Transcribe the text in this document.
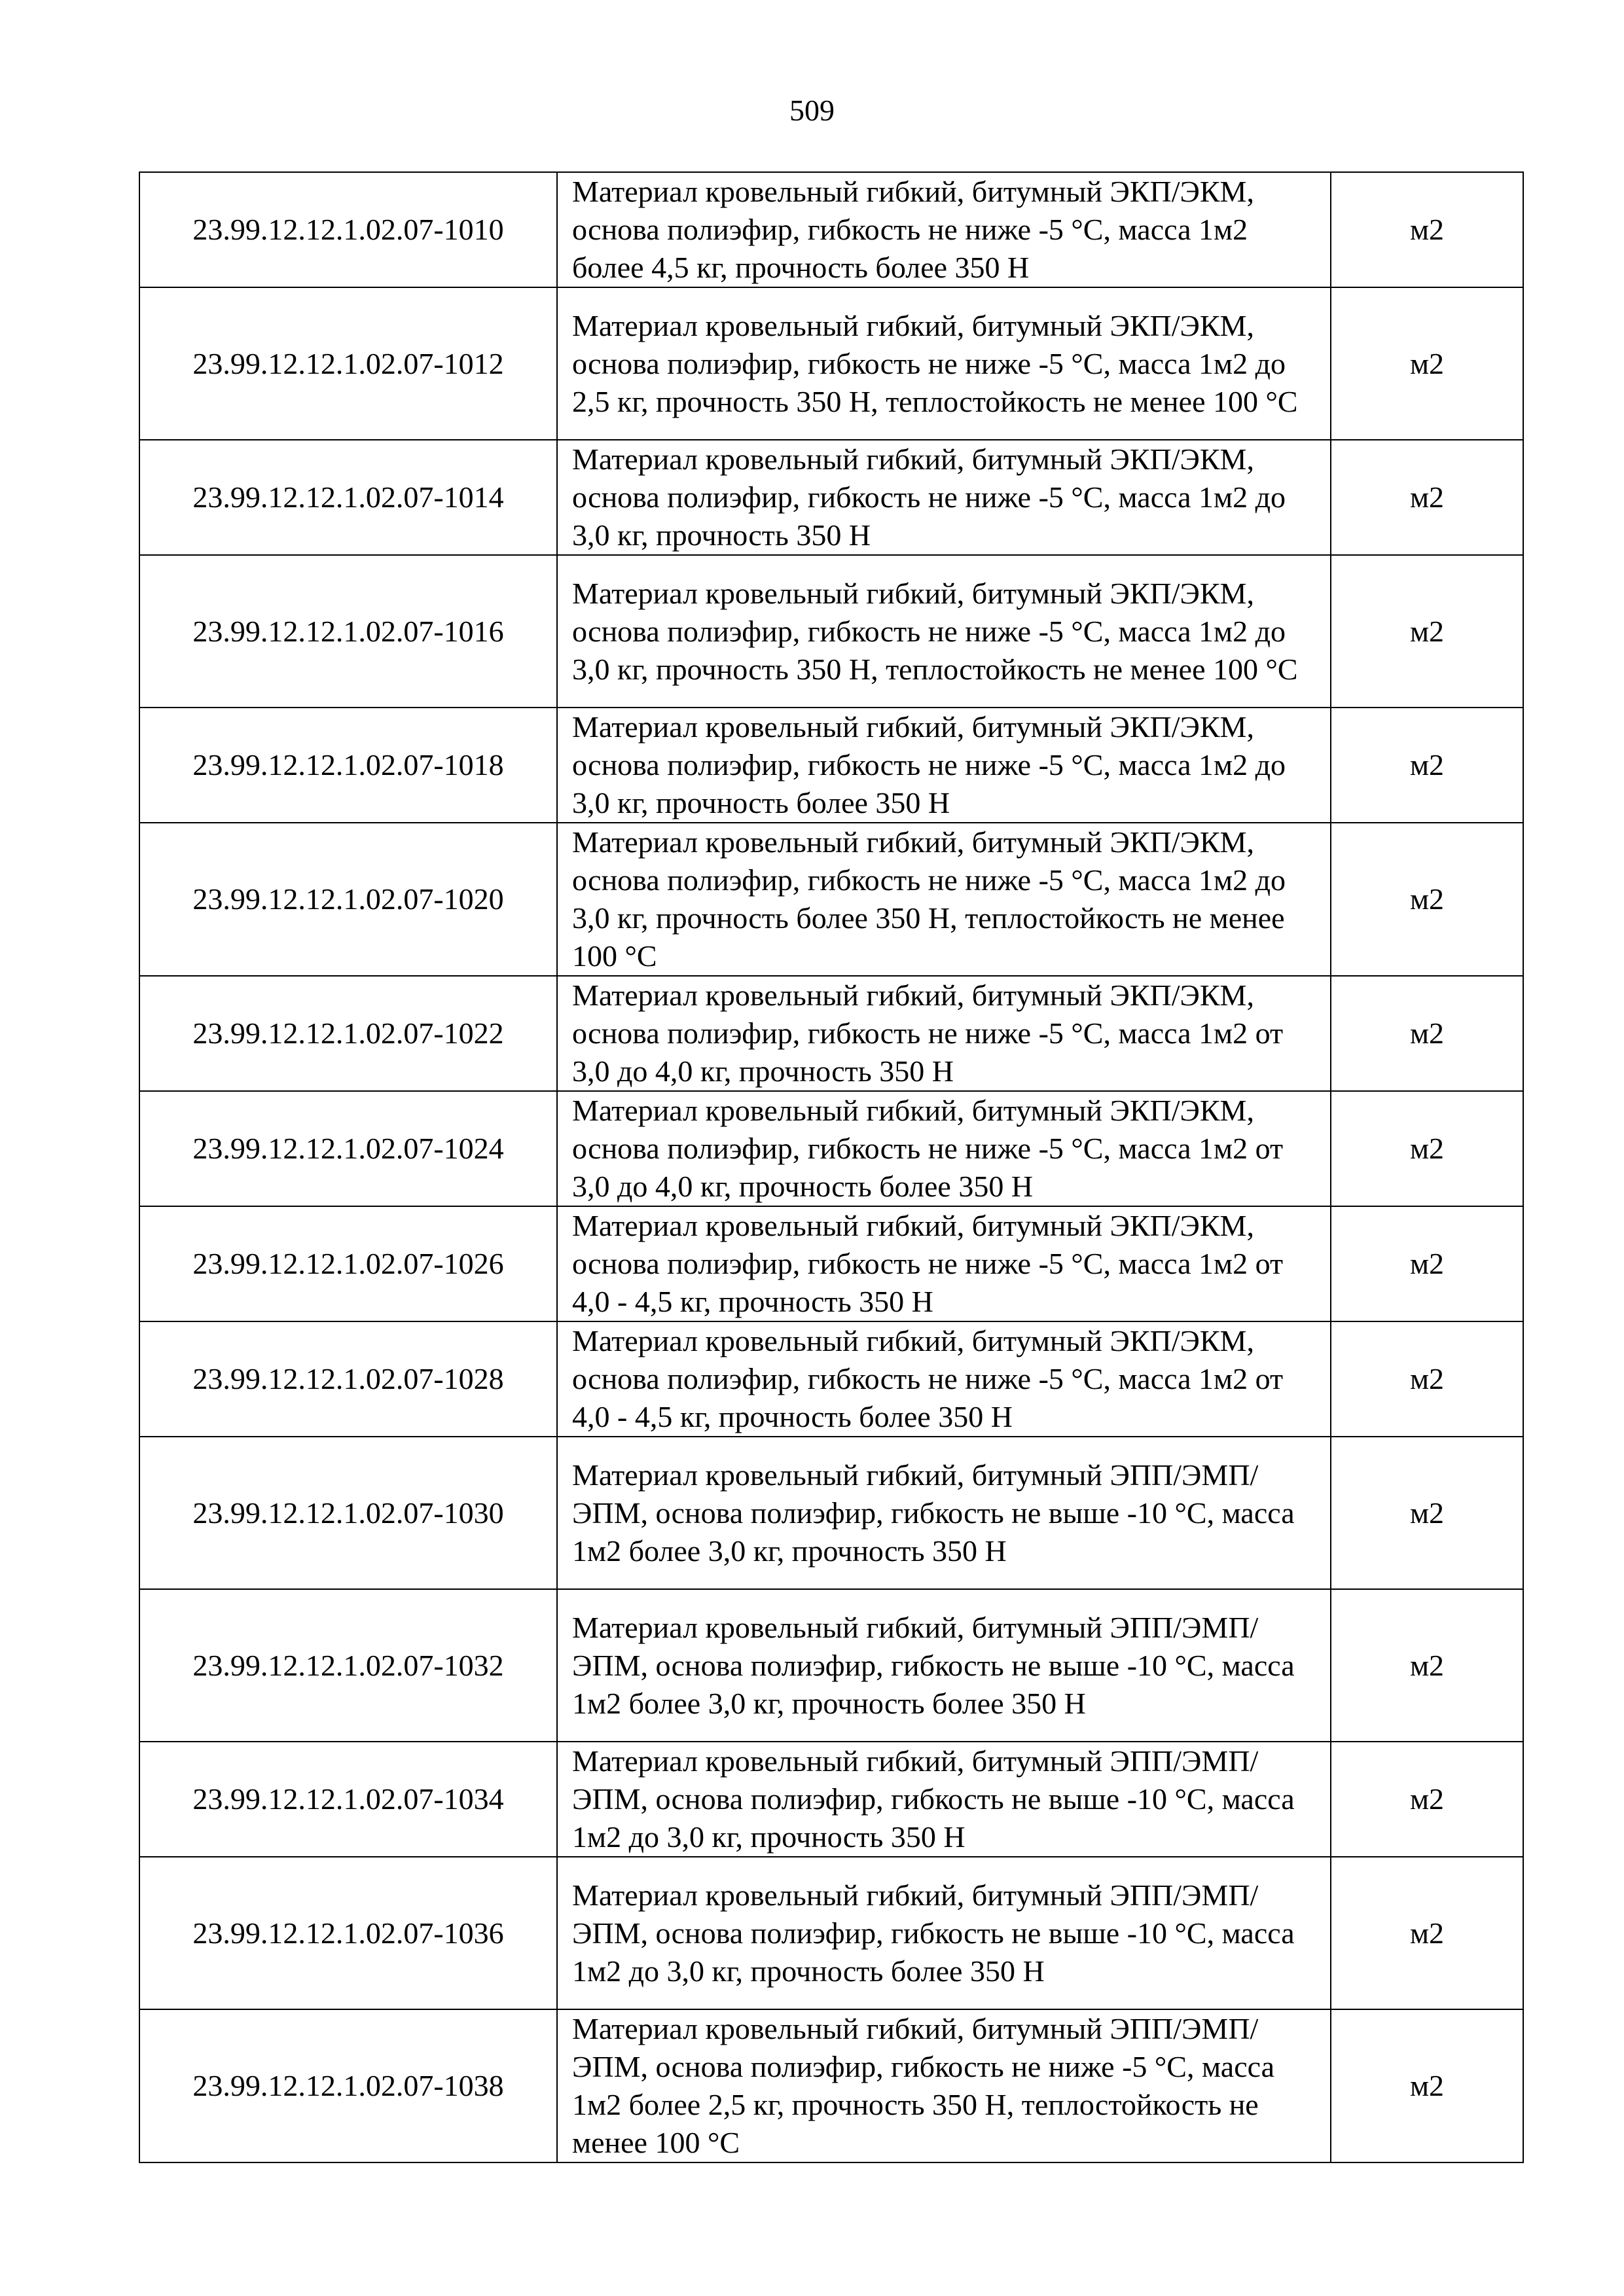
509
23.99.12.12.1.02.07-1010	Материал кровельный гибкий, битумный ЭКП/ЭКМ, основа полиэфир, гибкость не ниже -5 °С, масса 1м2 более 4,5 кг, прочность более 350 Н	м2
23.99.12.12.1.02.07-1012	Материал кровельный гибкий, битумный ЭКП/ЭКМ, основа полиэфир, гибкость не ниже -5 °С, масса 1м2 до 2,5 кг, прочность 350 Н, теплостойкость не менее 100 °С	м2
23.99.12.12.1.02.07-1014	Материал кровельный гибкий, битумный ЭКП/ЭКМ, основа полиэфир, гибкость не ниже -5 °С, масса 1м2 до 3,0 кг, прочность 350 Н	м2
23.99.12.12.1.02.07-1016	Материал кровельный гибкий, битумный ЭКП/ЭКМ, основа полиэфир, гибкость не ниже -5 °С, масса 1м2 до 3,0 кг, прочность 350 Н, теплостойкость не менее 100 °С	м2
23.99.12.12.1.02.07-1018	Материал кровельный гибкий, битумный ЭКП/ЭКМ, основа полиэфир, гибкость не ниже -5 °С, масса 1м2 до 3,0 кг, прочность более 350 Н	м2
23.99.12.12.1.02.07-1020	Материал кровельный гибкий, битумный ЭКП/ЭКМ, основа полиэфир, гибкость не ниже -5 °С, масса 1м2 до 3,0 кг, прочность более 350 Н, теплостойкость не менее 100 °С	м2
23.99.12.12.1.02.07-1022	Материал кровельный гибкий, битумный ЭКП/ЭКМ, основа полиэфир, гибкость не ниже -5 °С, масса 1м2 от 3,0 до 4,0 кг, прочность 350 Н	м2
23.99.12.12.1.02.07-1024	Материал кровельный гибкий, битумный ЭКП/ЭКМ, основа полиэфир, гибкость не ниже -5 °С, масса 1м2 от 3,0 до 4,0 кг, прочность более 350 Н	м2
23.99.12.12.1.02.07-1026	Материал кровельный гибкий, битумный ЭКП/ЭКМ, основа полиэфир, гибкость не ниже -5 °С, масса 1м2 от 4,0 - 4,5 кг, прочность 350 Н	м2
23.99.12.12.1.02.07-1028	Материал кровельный гибкий, битумный ЭКП/ЭКМ, основа полиэфир, гибкость не ниже -5 °С, масса 1м2 от 4,0 - 4,5 кг, прочность более 350 Н	м2
23.99.12.12.1.02.07-1030	Материал кровельный гибкий, битумный ЭПП/ЭМП/ЭПМ, основа полиэфир, гибкость не выше -10 °С, масса 1м2 более 3,0 кг, прочность 350 Н	м2
23.99.12.12.1.02.07-1032	Материал кровельный гибкий, битумный ЭПП/ЭМП/ЭПМ, основа полиэфир, гибкость не выше -10 °С, масса 1м2 более 3,0 кг, прочность более 350 Н	м2
23.99.12.12.1.02.07-1034	Материал кровельный гибкий, битумный ЭПП/ЭМП/ЭПМ, основа полиэфир, гибкость не выше -10 °С, масса 1м2 до 3,0 кг, прочность 350 Н	м2
23.99.12.12.1.02.07-1036	Материал кровельный гибкий, битумный ЭПП/ЭМП/ЭПМ, основа полиэфир, гибкость не выше -10 °С, масса 1м2 до 3,0 кг, прочность более 350 Н	м2
23.99.12.12.1.02.07-1038	Материал кровельный гибкий, битумный ЭПП/ЭМП/ЭПМ, основа полиэфир, гибкость не ниже -5 °С, масса 1м2 более 2,5 кг, прочность 350 Н, теплостойкость не менее 100 °С	м2
